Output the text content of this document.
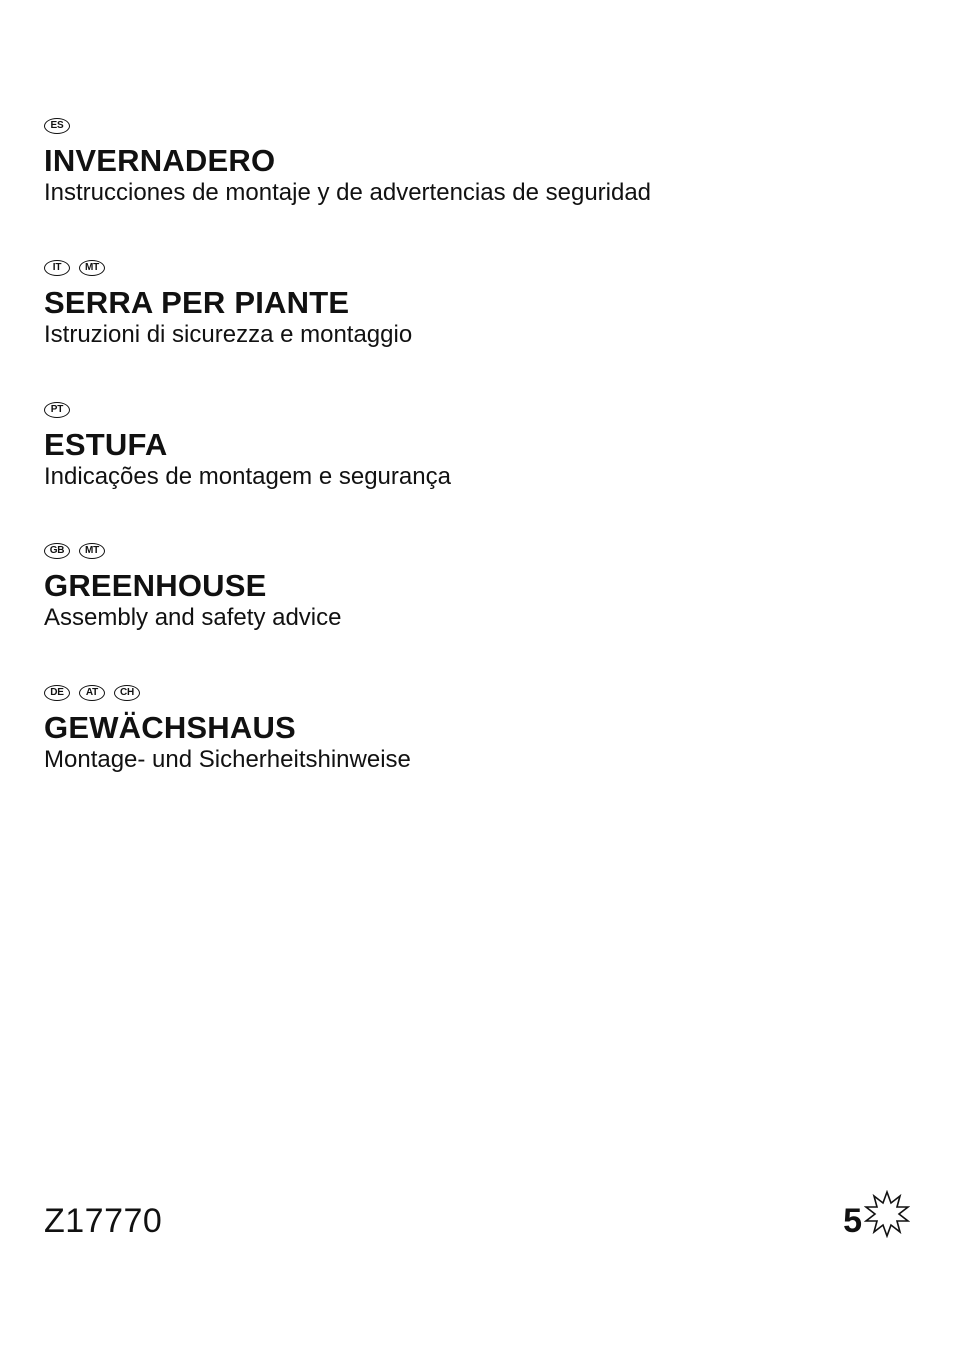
ES
INVERNADERO
Instrucciones de montaje y de advertencias de seguridad
IT	MT
SERRA PER PIANTE
Istruzioni di sicurezza e montaggio
PT
ESTUFA
Indicações de montagem e segurança
GB	MT
GREENHOUSE
Assembly and safety advice
DE	AT	CH
GEWÄCHSHAUS
Montage- und Sicherheitshinweise
Z17770	5
